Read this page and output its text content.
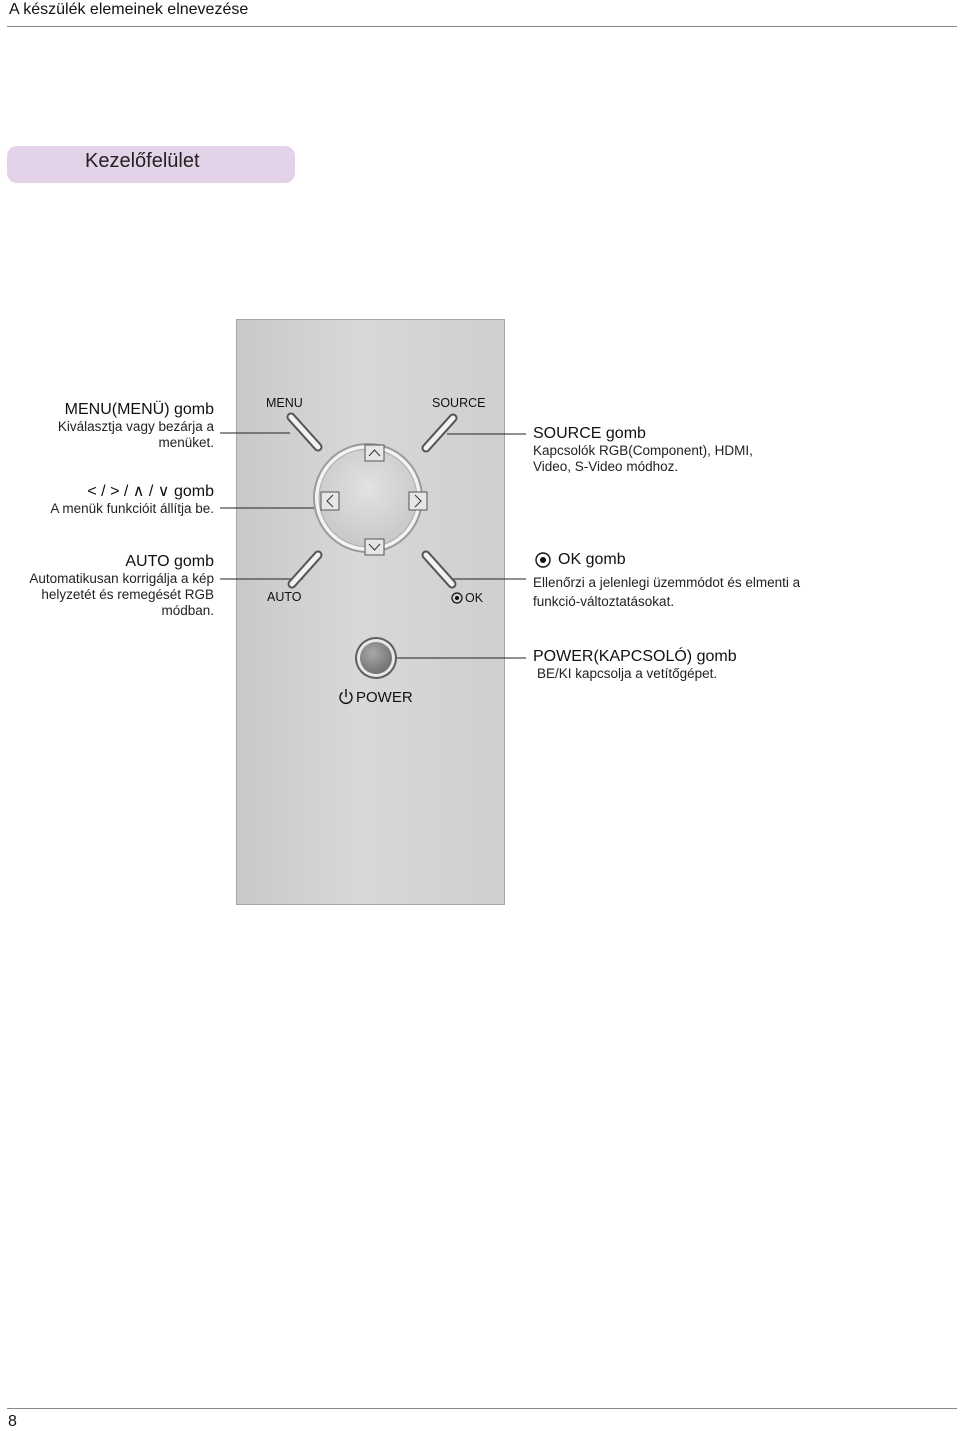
A készülék elemeinek elnevezése
Kezelőfelület
MENU	SOURCE
AUTO	OK
POWER
MENU(MENÜ) gomb
Kiválasztja vagy bezárja a
menüket.
< / > / ∧ / ∨ gomb
A menük funkcióit állítja be.
AUTO gomb
Automatikusan korrigálja a kép
helyzetét és remegését RGB
módban.
SOURCE gomb
Kapcsolók RGB(Component), HDMI,
Video, S-Video módhoz.
OK gomb
Ellenőrzi a jelenlegi üzemmódot és elmenti a
funkció-változtatásokat.
POWER(KAPCSOLÓ) gomb
BE/KI kapcsolja a vetítőgépet.
8
